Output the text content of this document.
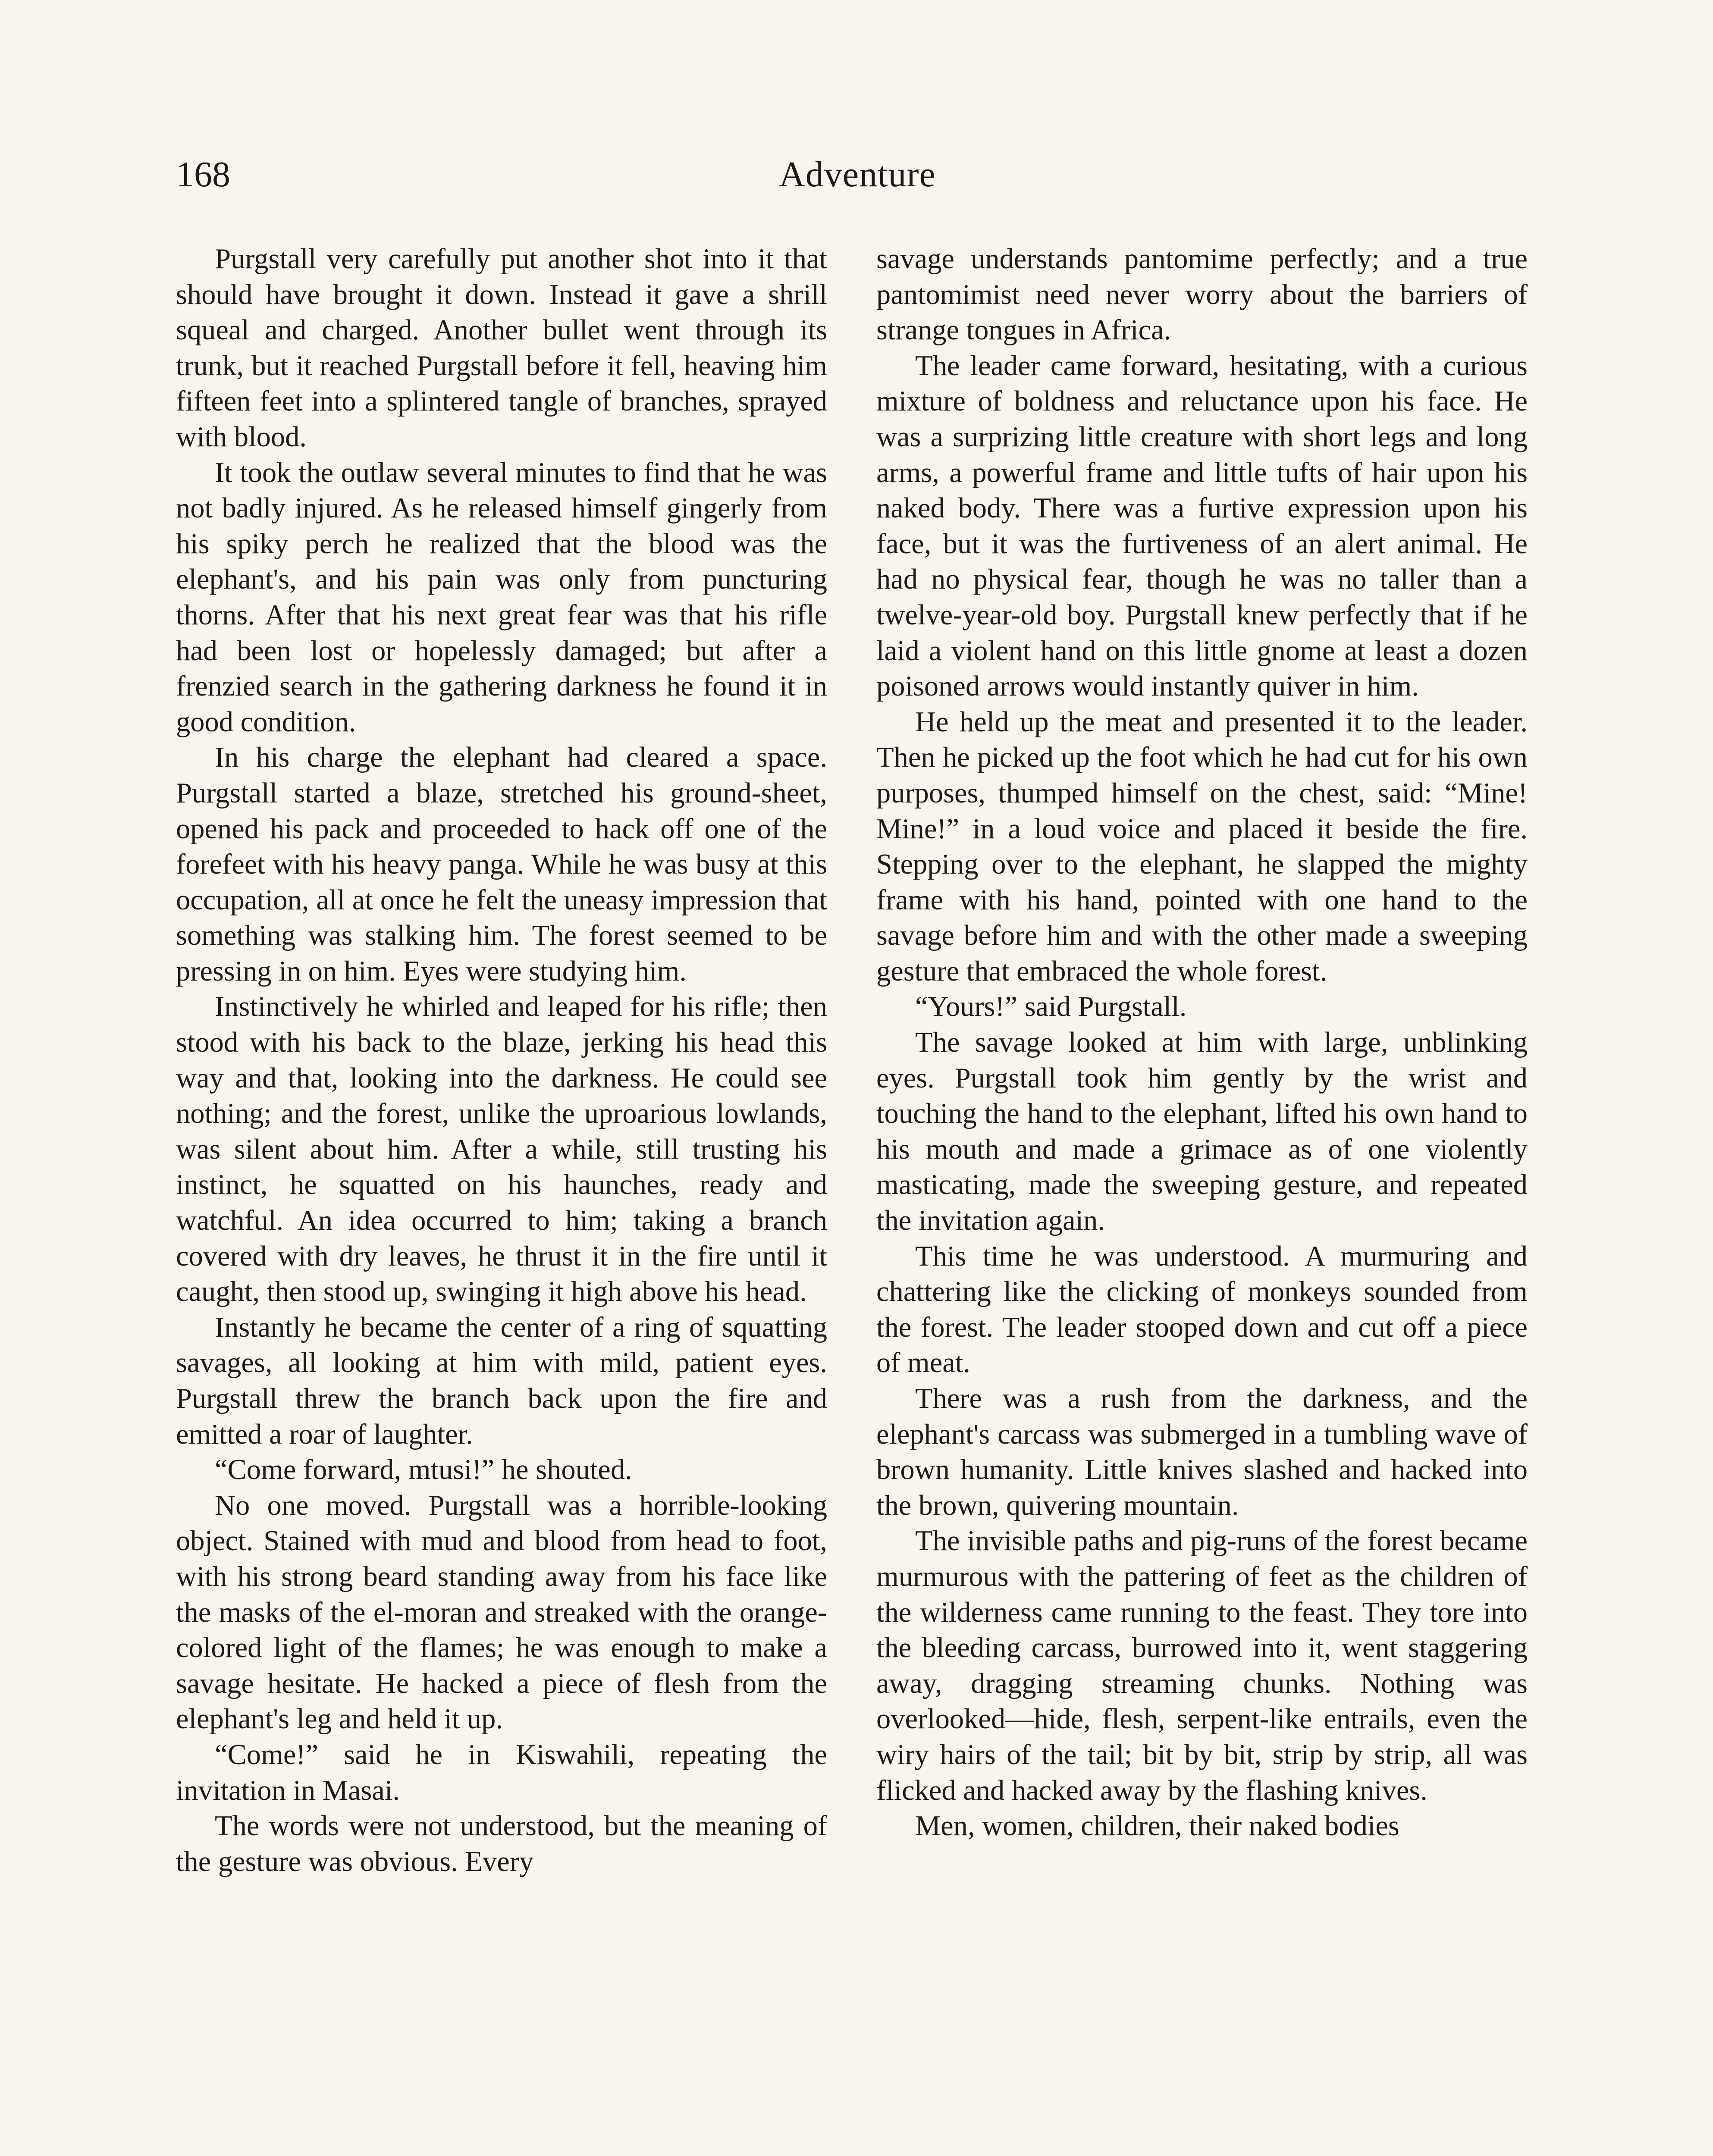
Adventure
168

Purgstall very carefully put another shot into it that should have brought it down. Instead it gave a shrill squeal and charged. Another bullet went through its trunk, but it reached Purgstall before it fell, heaving him fifteen feet into a splintered tangle of branches, sprayed with blood.

It took the outlaw several minutes to find that he was not badly injured. As he released himself gingerly from his spiky perch he realized that the blood was the elephant's, and his pain was only from puncturing thorns. After that his next great fear was that his rifle had been lost or hopelessly damaged; but after a frenzied search in the gathering darkness he found it in good condition.

In his charge the elephant had cleared a space. Purgstall started a blaze, stretched his ground-sheet, opened his pack and proceeded to hack off one of the forefeet with his heavy panga. While he was busy at this occupation, all at once he felt the uneasy impression that something was stalking him. The forest seemed to be pressing in on him. Eyes were studying him.

Instinctively he whirled and leaped for his rifle; then stood with his back to the blaze, jerking his head this way and that, looking into the darkness. He could see nothing; and the forest, unlike the uproarious lowlands, was silent about him. After a while, still trusting his instinct, he squatted on his haunches, ready and watchful. An idea occurred to him; taking a branch covered with dry leaves, he thrust it in the fire until it caught, then stood up, swinging it high above his head.

Instantly he became the center of a ring of squatting savages, all looking at him with mild, patient eyes. Purgstall threw the branch back upon the fire and emitted a roar of laughter.

“Come forward, mtusi!” he shouted.

No one moved. Purgstall was a horrible-looking object. Stained with mud and blood from head to foot, with his strong beard standing away from his face like the masks of the el-moran and streaked with the orange-colored light of the flames; he was enough to make a savage hesitate. He hacked a piece of flesh from the elephant's leg and held it up.

“Come!” said he in Kiswahili, repeating the invitation in Masai.

The words were not understood, but the meaning of the gesture was obvious. Every

savage understands pantomime perfectly; and a true pantomimist need never worry about the barriers of strange tongues in Africa.

The leader came forward, hesitating, with a curious mixture of boldness and reluctance upon his face. He was a surprizing little creature with short legs and long arms, a powerful frame and little tufts of hair upon his naked body. There was a furtive expression upon his face, but it was the furtiveness of an alert animal. He had no physical fear, though he was no taller than a twelve-year-old boy. Purgstall knew perfectly that if he laid a violent hand on this little gnome at least a dozen poisoned arrows would instantly quiver in him.

He held up the meat and presented it to the leader. Then he picked up the foot which he had cut for his own purposes, thumped himself on the chest, said: “Mine! Mine!” in a loud voice and placed it beside the fire. Stepping over to the elephant, he slapped the mighty frame with his hand, pointed with one hand to the savage before him and with the other made a sweeping gesture that embraced the whole forest.

“Yours!” said Purgstall.

The savage looked at him with large, unblinking eyes. Purgstall took him gently by the wrist and touching the hand to the elephant, lifted his own hand to his mouth and made a grimace as of one violently masticating, made the sweeping gesture, and repeated the invitation again.

This time he was understood. A murmuring and chattering like the clicking of monkeys sounded from the forest. The leader stooped down and cut off a piece of meat.

There was a rush from the darkness, and the elephant's carcass was submerged in a tumbling wave of brown humanity. Little knives slashed and hacked into the brown, quivering mountain.

The invisible paths and pig-runs of the forest became murmurous with the pattering of feet as the children of the wilderness came running to the feast. They tore into the bleeding carcass, burrowed into it, went staggering away, dragging streaming chunks. Nothing was overlooked—hide, flesh, serpent-like entrails, even the wiry hairs of the tail; bit by bit, strip by strip, all was flicked and hacked away by the flashing knives.

Men, women, children, their naked bodies
